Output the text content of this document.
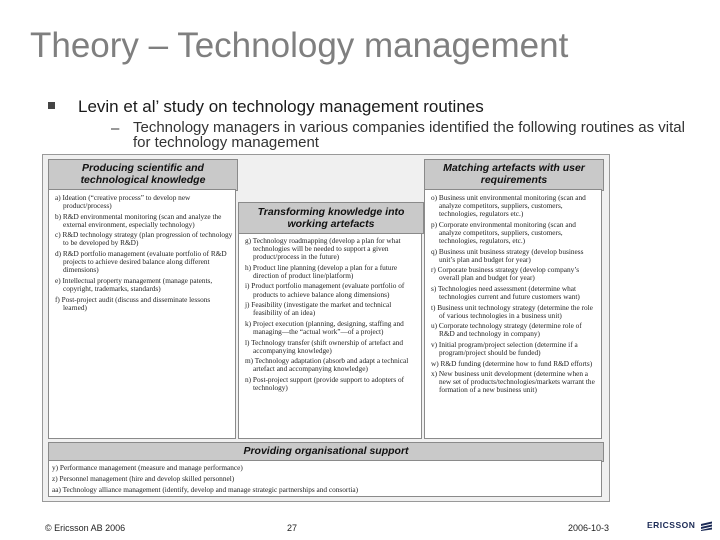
Theory – Technology management
Levin et al’ study on technology management routines
– Technology managers in various companies identified the following routines as vital for technology management
Producing scientific and technological knowledge
a) Ideation (“creative process” to develop new product/process)
b) R&D environmental monitoring (scan and analyze the external environment, especially technology)
c) R&D technology strategy (plan progression of technology to be developed by R&D)
d) R&D portfolio management (evaluate portfolio of R&D projects to achieve desired balance along different dimensions)
e) Intellectual property management (manage patents, copyright, trademarks, standards)
f) Post-project audit (discuss and disseminate lessons learned)
Transforming knowledge into working artefacts
g) Technology roadmapping (develop a plan for what technologies will be needed to support a given product/process in the future)
h) Product line planning (develop a plan for a future direction of product line/platform)
i) Product portfolio management (evaluate portfolio of products to achieve balance along dimensions)
j) Feasibility (investigate the market and technical feasibility of an idea)
k) Project execution (planning, designing, staffing and managing—the “actual work”—of a project)
l) Technology transfer (shift ownership of artefact and accompanying knowledge)
m) Technology adaptation (absorb and adapt a technical artefact and accompanying knowledge)
n) Post-project support (provide support to adopters of technology)
Matching artefacts with user requirements
o) Business unit environmental monitoring (scan and analyze competitors, suppliers, customers, technologies, regulators etc.)
p) Corporate environmental monitoring (scan and analyze competitors, suppliers, customers, technologies, regulators, etc.)
q) Business unit business strategy (develop business unit’s plan and budget for year)
r) Corporate business strategy (develop company’s overall plan and budget for year)
s) Technologies need assessment (determine what technologies current and future customers want)
t) Business unit technology strategy (determine the role of various technologies in a business unit)
u) Corporate technology strategy (determine role of R&D and technology in company)
v) Initial program/project selection (determine if a program/project should be funded)
w) R&D funding (determine how to fund R&D efforts)
x) New business unit development (determine when a new set of products/technologies/markets warrant the formation of a new business unit)
Providing organisational support
y) Performance management (measure and manage performance)
z) Personnel management (hire and develop skilled personnel)
aa) Technology alliance management (identify, develop and manage strategic partnerships and consortia)
© Ericsson AB 2006	27	2006-10-3	ERICSSON
